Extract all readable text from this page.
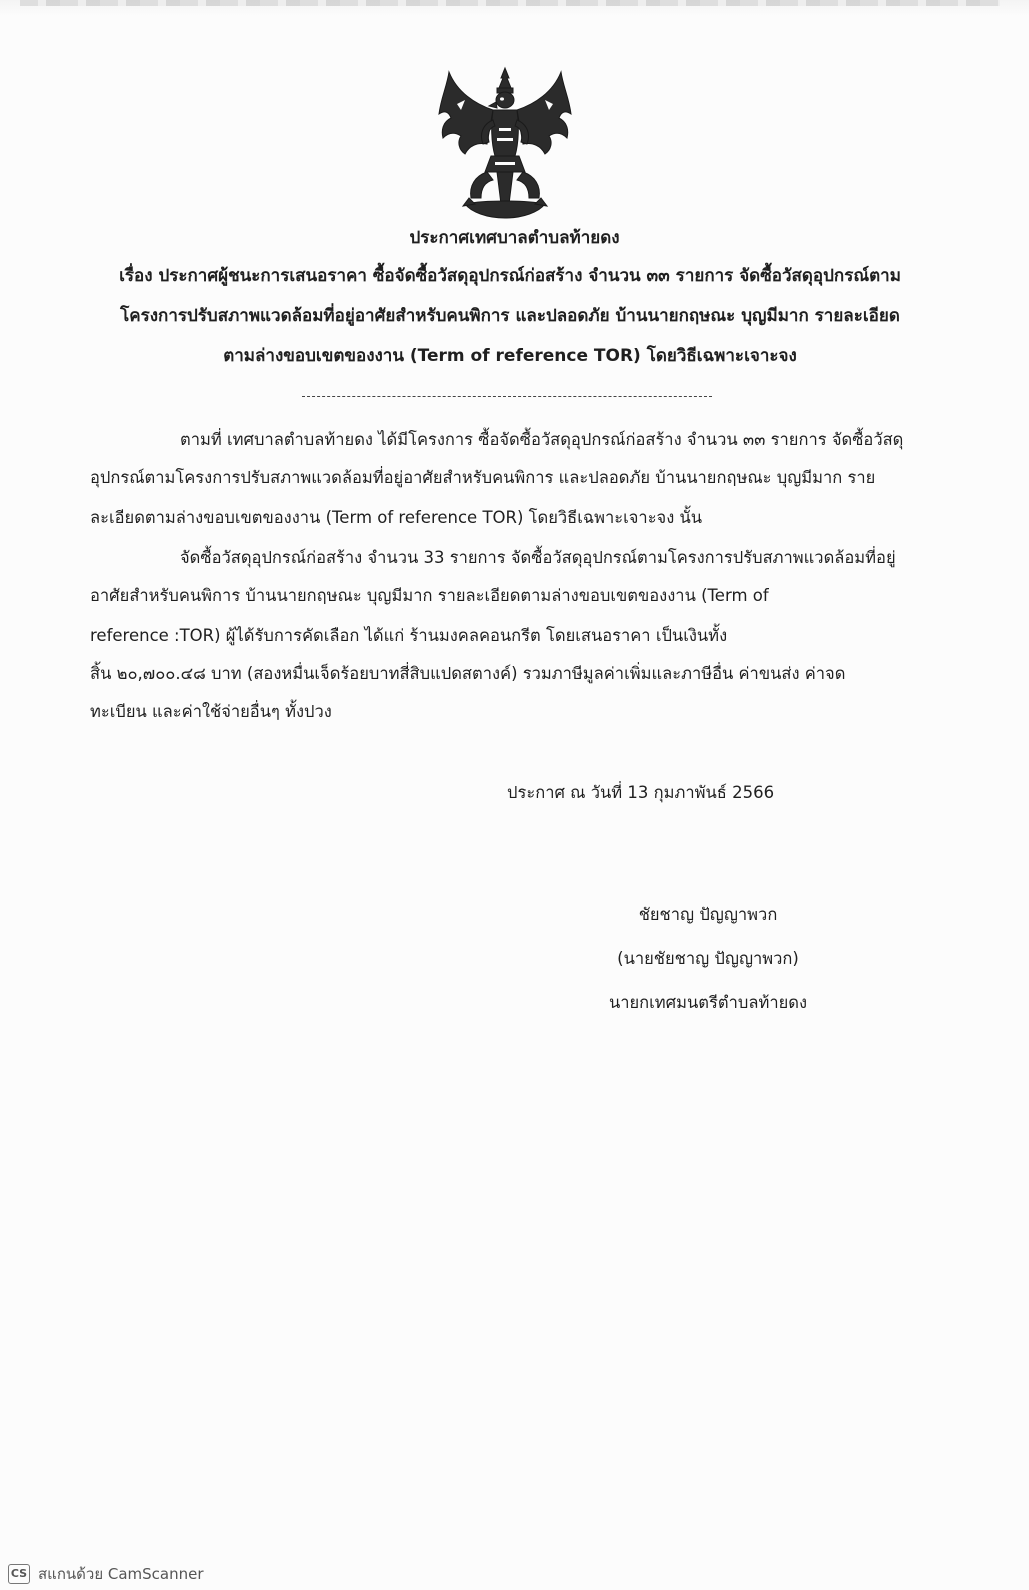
ประกาศเทศบาลตำบลท้ายดง
เรื่อง ประกาศผู้ชนะการเสนอราคา ซื้อจัดซื้อวัสดุอุปกรณ์ก่อสร้าง จำนวน ๓๓ รายการ จัดซื้อวัสดุอุปกรณ์ตาม
โครงการปรับสภาพแวดล้อมที่อยู่อาศัยสำหรับคนพิการ และปลอดภัย บ้านนายกฤษณะ บุญมีมาก รายละเอียด
ตามล่างขอบเขตของงาน (Term of reference TOR) โดยวิธีเฉพาะเจาะจง
ตามที่ เทศบาลตำบลท้ายดง ได้มีโครงการ ซื้อจัดซื้อวัสดุอุปกรณ์ก่อสร้าง จำนวน ๓๓ รายการ จัดซื้อวัสดุ
อุปกรณ์ตามโครงการปรับสภาพแวดล้อมที่อยู่อาศัยสำหรับคนพิการ และปลอดภัย บ้านนายกฤษณะ บุญมีมาก ราย
ละเอียดตามล่างขอบเขตของงาน (Term of reference TOR) โดยวิธีเฉพาะเจาะจง นั้น
จัดซื้อวัสดุอุปกรณ์ก่อสร้าง จำนวน 33 รายการ จัดซื้อวัสดุอุปกรณ์ตามโครงการปรับสภาพแวดล้อมที่อยู่
อาศัยสำหรับคนพิการ บ้านนายกฤษณะ บุญมีมาก รายละเอียดตามล่างขอบเขตของงาน (Term of
reference :TOR) ผู้ได้รับการคัดเลือก ได้แก่ ร้านมงคลคอนกรีต โดยเสนอราคา เป็นเงินทั้ง
สิ้น ๒๐,๗๐๐.๔๘ บาท (สองหมื่นเจ็ดร้อยบาทสี่สิบแปดสตางค์) รวมภาษีมูลค่าเพิ่มและภาษีอื่น ค่าขนส่ง ค่าจด
ทะเบียน และค่าใช้จ่ายอื่นๆ ทั้งปวง
ประกาศ ณ วันที่ 13 กุมภาพันธ์ 2566
ชัยชาญ ปัญญาพวก
(นายชัยชาญ ปัญญาพวก)
นายกเทศมนตรีตำบลท้ายดง
CS สแกนด้วย CamScanner
